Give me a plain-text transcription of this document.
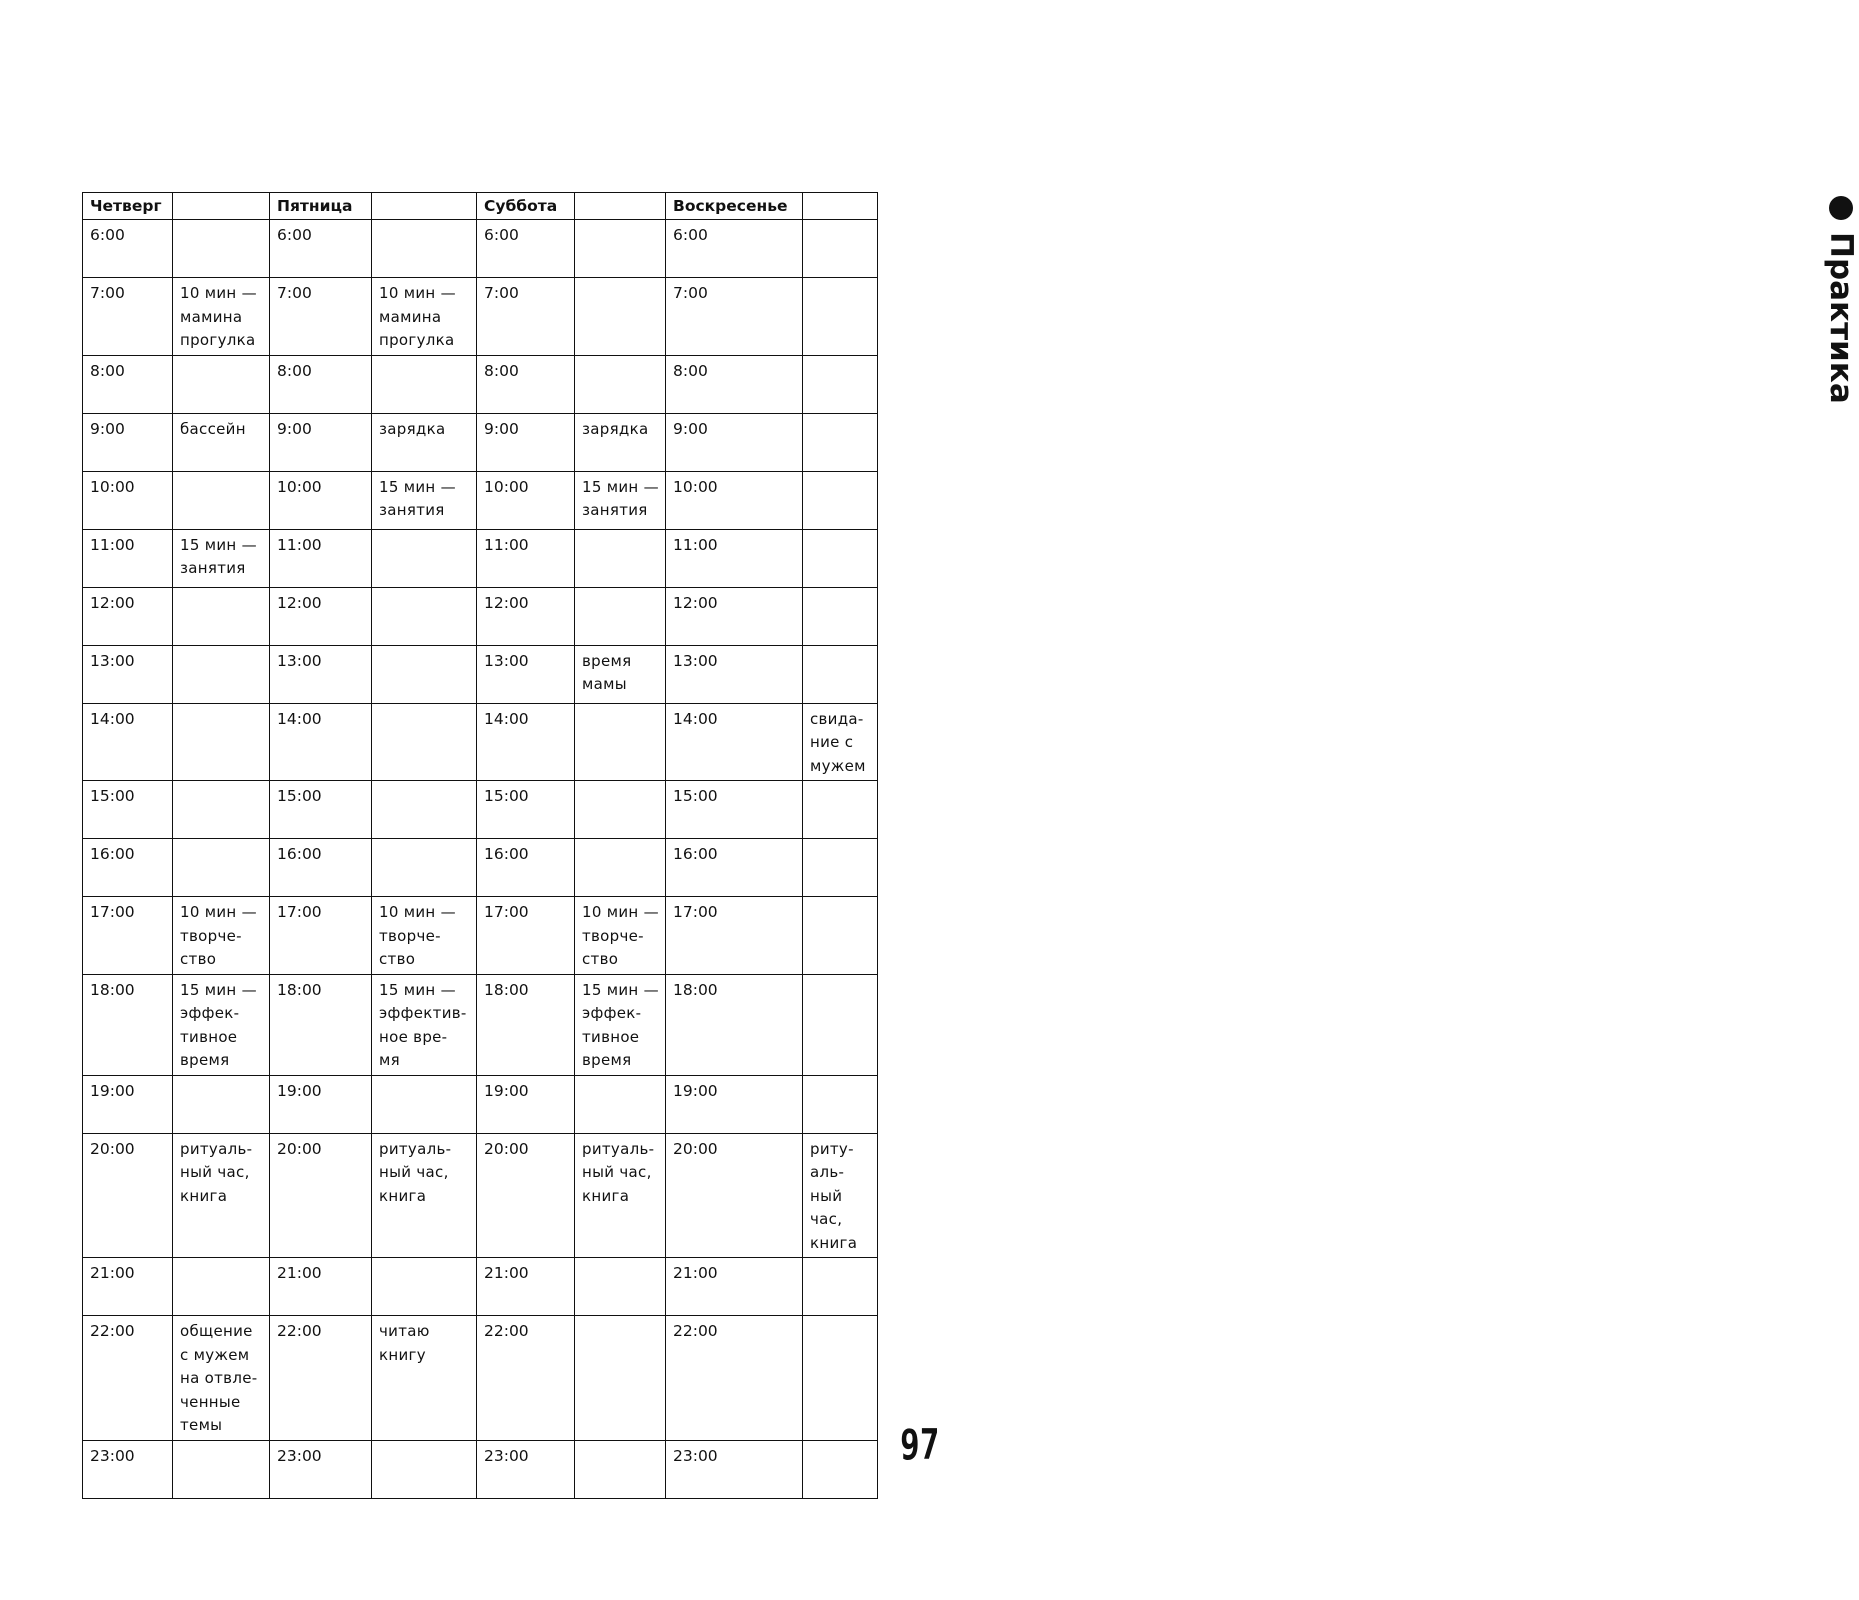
Практика
Четверг		Пятница		Суббота		Воскресенье	
6:00		6:00		6:00		6:00	
7:00	10 мин —
мамина
прогулка	7:00	10 мин —
мамина
прогулка	7:00		7:00	
8:00		8:00		8:00		8:00	
9:00	бассейн	9:00	зарядка	9:00	зарядка	9:00	
10:00		10:00	15 мин —
занятия	10:00	15 мин —
занятия	10:00	
11:00	15 мин —
занятия	11:00		11:00		11:00	
12:00		12:00		12:00		12:00	
13:00		13:00		13:00	время
мамы	13:00	
14:00		14:00		14:00		14:00	свида-
ние с
мужем
15:00		15:00		15:00		15:00	
16:00		16:00		16:00		16:00	
17:00	10 мин —
творче-
ство	17:00	10 мин —
творче-
ство	17:00	10 мин —
творче-
ство	17:00	
18:00	15 мин —
эффек-
тивное
время	18:00	15 мин —
эффектив-
ное вре-
мя	18:00	15 мин —
эффек-
тивное
время	18:00	
19:00		19:00		19:00		19:00	
20:00	ритуаль-
ный час,
книга	20:00	ритуаль-
ный час,
книга	20:00	ритуаль-
ный час,
книга	20:00	риту-
аль-
ный
час,
книга
21:00		21:00		21:00		21:00	
22:00	общение
с мужем
на отвле-
ченные
темы	22:00	читаю
книгу	22:00		22:00	
23:00		23:00		23:00		23:00		97
